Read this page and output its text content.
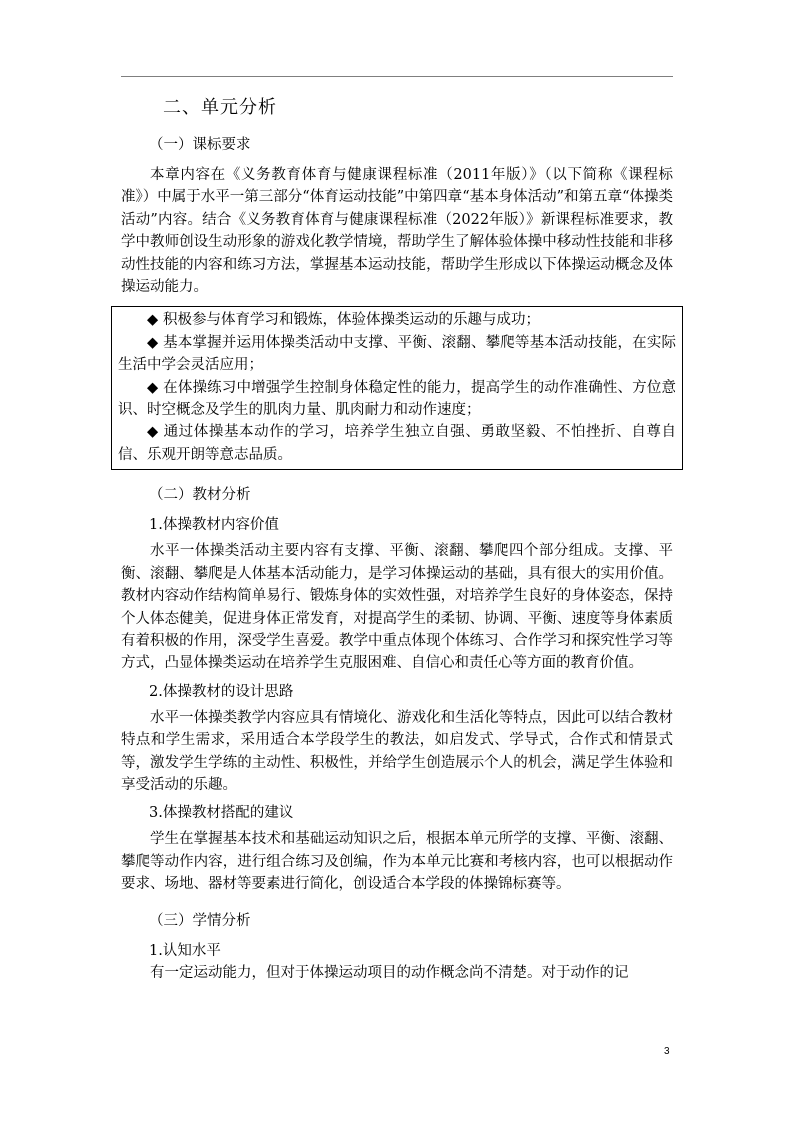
二、单元分析
（一）课标要求

本章内容在《义务教育体育与健康课程标准（2011年版）》（以下简称《课程标准》）中属于水平一第三部分“体育运动技能”中第四章“基本身体活动”和第五章“体操类活动”内容。结合《义务教育体育与健康课程标准（2022年版）》新课程标准要求，教学中教师创设生动形象的游戏化教学情境，帮助学生了解体验体操中移动性技能和非移动性技能的内容和练习方法，掌握基本运动技能，帮助学生形成以下体操运动概念及体操运动能力。

◆ 积极参与体育学习和锻炼，体验体操类运动的乐趣与成功；

◆ 基本掌握并运用体操类活动中支撑、平衡、滚翻、攀爬等基本活动技能，在实际生活中学会灵活应用；

◆ 在体操练习中增强学生控制身体稳定性的能力，提高学生的动作准确性、方位意识、时空概念及学生的肌肉力量、肌肉耐力和动作速度；

◆ 通过体操基本动作的学习，培养学生独立自强、勇敢坚毅、不怕挫折、自尊自信、乐观开朗等意志品质。

（二）教材分析
1.体操教材内容价值

水平一体操类活动主要内容有支撑、平衡、滚翻、攀爬四个部分组成。支撑、平衡、滚翻、攀爬是人体基本活动能力，是学习体操运动的基础，具有很大的实用价值。教材内容动作结构简单易行、锻炼身体的实效性强，对培养学生良好的身体姿态，保持个人体态健美，促进身体正常发育，对提高学生的柔韧、协调、平衡、速度等身体素质有着积极的作用，深受学生喜爱。教学中重点体现个体练习、合作学习和探究性学习等方式，凸显体操类运动在培养学生克服困难、自信心和责任心等方面的教育价值。

2.体操教材的设计思路

水平一体操类教学内容应具有情境化、游戏化和生活化等特点，因此可以结合教材特点和学生需求，采用适合本学段学生的教法，如启发式、学导式，合作式和情景式等，激发学生学练的主动性、积极性，并给学生创造展示个人的机会，满足学生体验和享受活动的乐趣。

3.体操教材搭配的建议

学生在掌握基本技术和基础运动知识之后，根据本单元所学的支撑、平衡、滚翻、攀爬等动作内容，进行组合练习及创编，作为本单元比赛和考核内容，也可以根据动作要求、场地、器材等要素进行简化，创设适合本学段的体操锦标赛等。

（三）学情分析
1.认知水平

有一定运动能力，但对于体操运动项目的动作概念尚不清楚。对于动作的记

3
